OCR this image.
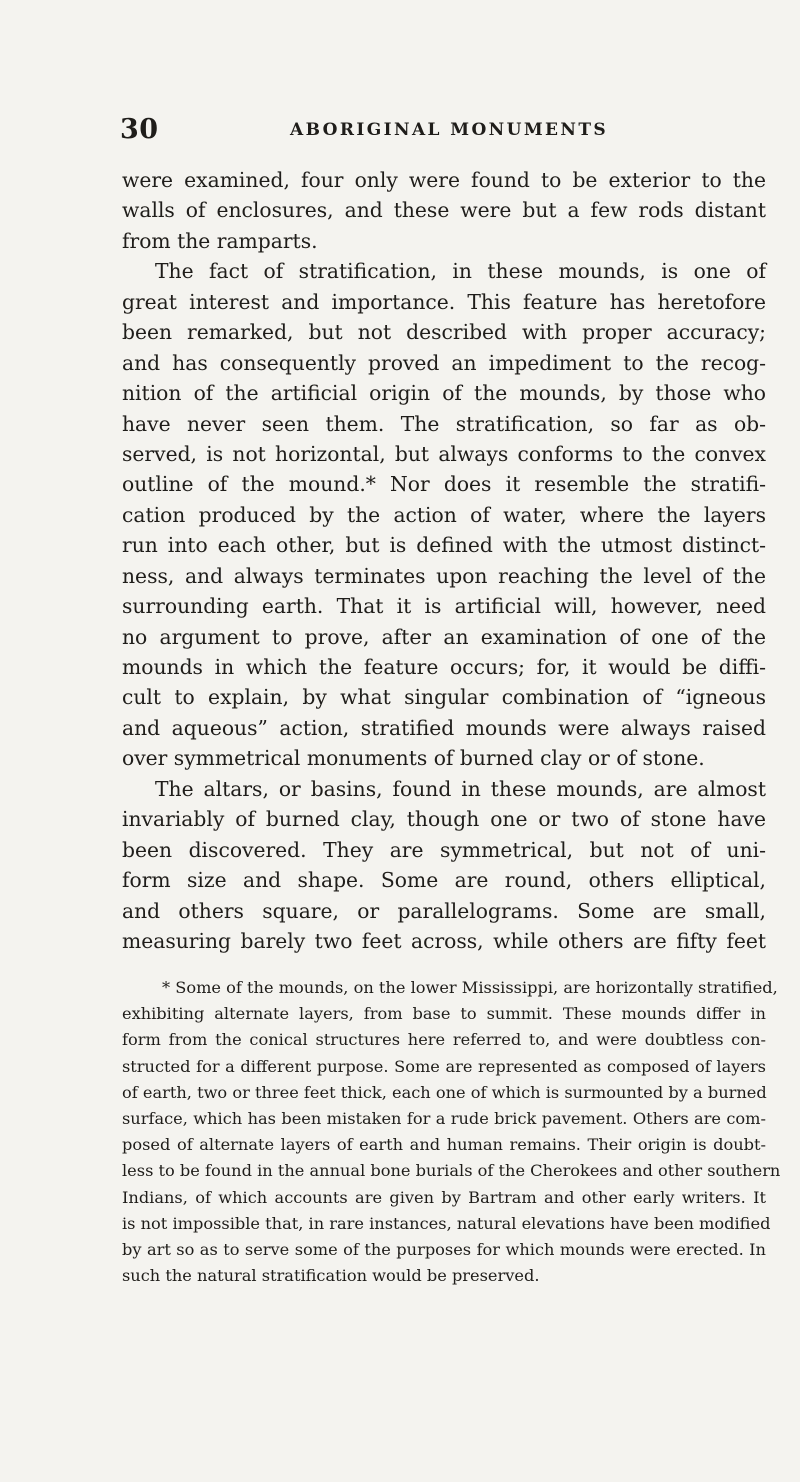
30	ABORIGINAL MONUMENTS
were examined, four only were found to be exterior to the
walls of enclosures, and these were but a few rods distant
from the ramparts.
The fact of stratification, in these mounds, is one of
great interest and importance. This feature has heretofore
been remarked, but not described with proper accuracy;
and has consequently proved an impediment to the recog-
nition of the artificial origin of the mounds, by those who
have never seen them. The stratification, so far as ob-
served, is not horizontal, but always conforms to the convex
outline of the mound.* Nor does it resemble the stratifi-
cation produced by the action of water, where the layers
run into each other, but is defined with the utmost distinct-
ness, and always terminates upon reaching the level of the
surrounding earth. That it is artificial will, however, need
no argument to prove, after an examination of one of the
mounds in which the feature occurs; for, it would be diffi-
cult to explain, by what singular combination of “igneous
and aqueous” action, stratified mounds were always raised
over symmetrical monuments of burned clay or of stone.
The altars, or basins, found in these mounds, are almost
invariably of burned clay, though one or two of stone have
been discovered. They are symmetrical, but not of uni-
form size and shape. Some are round, others elliptical,
and others square, or parallelograms. Some are small,
measuring barely two feet across, while others are fifty feet
* Some of the mounds, on the lower Mississippi, are horizontally stratified,
exhibiting alternate layers, from base to summit. These mounds differ in
form from the conical structures here referred to, and were doubtless con-
structed for a different purpose. Some are represented as composed of layers
of earth, two or three feet thick, each one of which is surmounted by a burned
surface, which has been mistaken for a rude brick pavement. Others are com-
posed of alternate layers of earth and human remains. Their origin is doubt-
less to be found in the annual bone burials of the Cherokees and other southern
Indians, of which accounts are given by Bartram and other early writers. It
is not impossible that, in rare instances, natural elevations have been modified
by art so as to serve some of the purposes for which mounds were erected. In
such the natural stratification would be preserved.
